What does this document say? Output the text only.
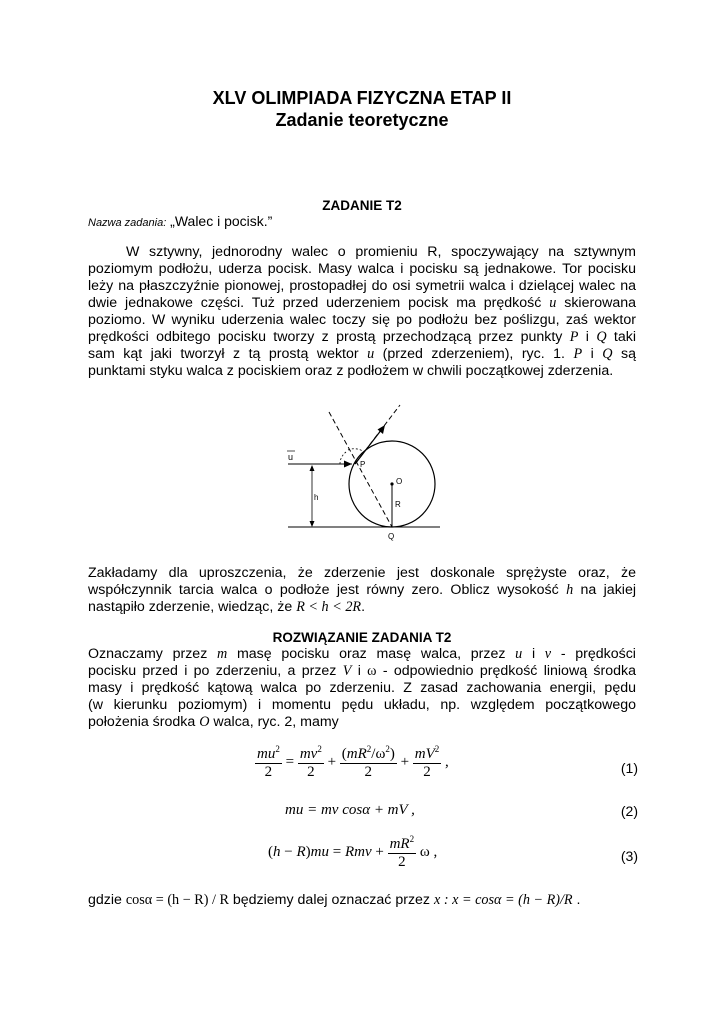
XLV OLIMPIADA FIZYCZNA ETAP II
Zadanie teoretyczne
ZADANIE T2
Nazwa zadania: „Walec i pocisk.”
W sztywny, jednorodny walec o promieniu R, spoczywający na sztywnym
poziomym podłożu, uderza pocisk. Masy walca i pocisku są jednakowe. Tor pocisku
leży na płaszczyźnie pionowej, prostopadłej do osi symetrii walca i dzielącej walec na
dwie jednakowe części. Tuż przed uderzeniem pocisk ma prędkość u skierowana
poziomo. W wyniku uderzenia walec toczy się po podłożu bez poślizgu, zaś wektor
prędkości odbitego pocisku tworzy z prostą przechodzącą przez punkty P i Q taki
sam kąt jaki tworzył z tą prostą wektor u (przed zderzeniem), ryc. 1. P i Q są
punktami styku walca z pociskiem oraz z podłożem w chwili początkowej zderzenia.
u
P
O
R
h
Q
Zakładamy dla uproszczenia, że zderzenie jest doskonale sprężyste oraz, że
współczynnik tarcia walca o podłoże jest równy zero. Oblicz wysokość h na jakiej
nastąpiło zderzenie, wiedząc, że R < h < 2R.
ROZWIĄZANIE ZADANIA T2
Oznaczamy przez m masę pocisku oraz masę walca, przez u i v - prędkości
pocisku przed i po zderzeniu, a przez V i ω - odpowiednio prędkość liniową środka
masy i prędkość kątową walca po zderzeniu. Z zasad zachowania energii, pędu
(w kierunku poziomym) i momentu pędu układu, np. względem początkowego
położenia środka O walca, ryc. 2, mamy
$\frac{mu^2}{2} = \frac{mv^2}{2} + \frac{(mR^2/\omega^2)}{2} + \frac{mV^2}{2}$ ,	(1)
mu = mv cosα + mV ,	(2)
(h − R)mu = Rmv + $\frac{mR^2}{2}$ ω ,	(3)
gdzie cosα = (h − R) / R będziemy dalej oznaczać przez x : x = cosα = (h − R)/R .
